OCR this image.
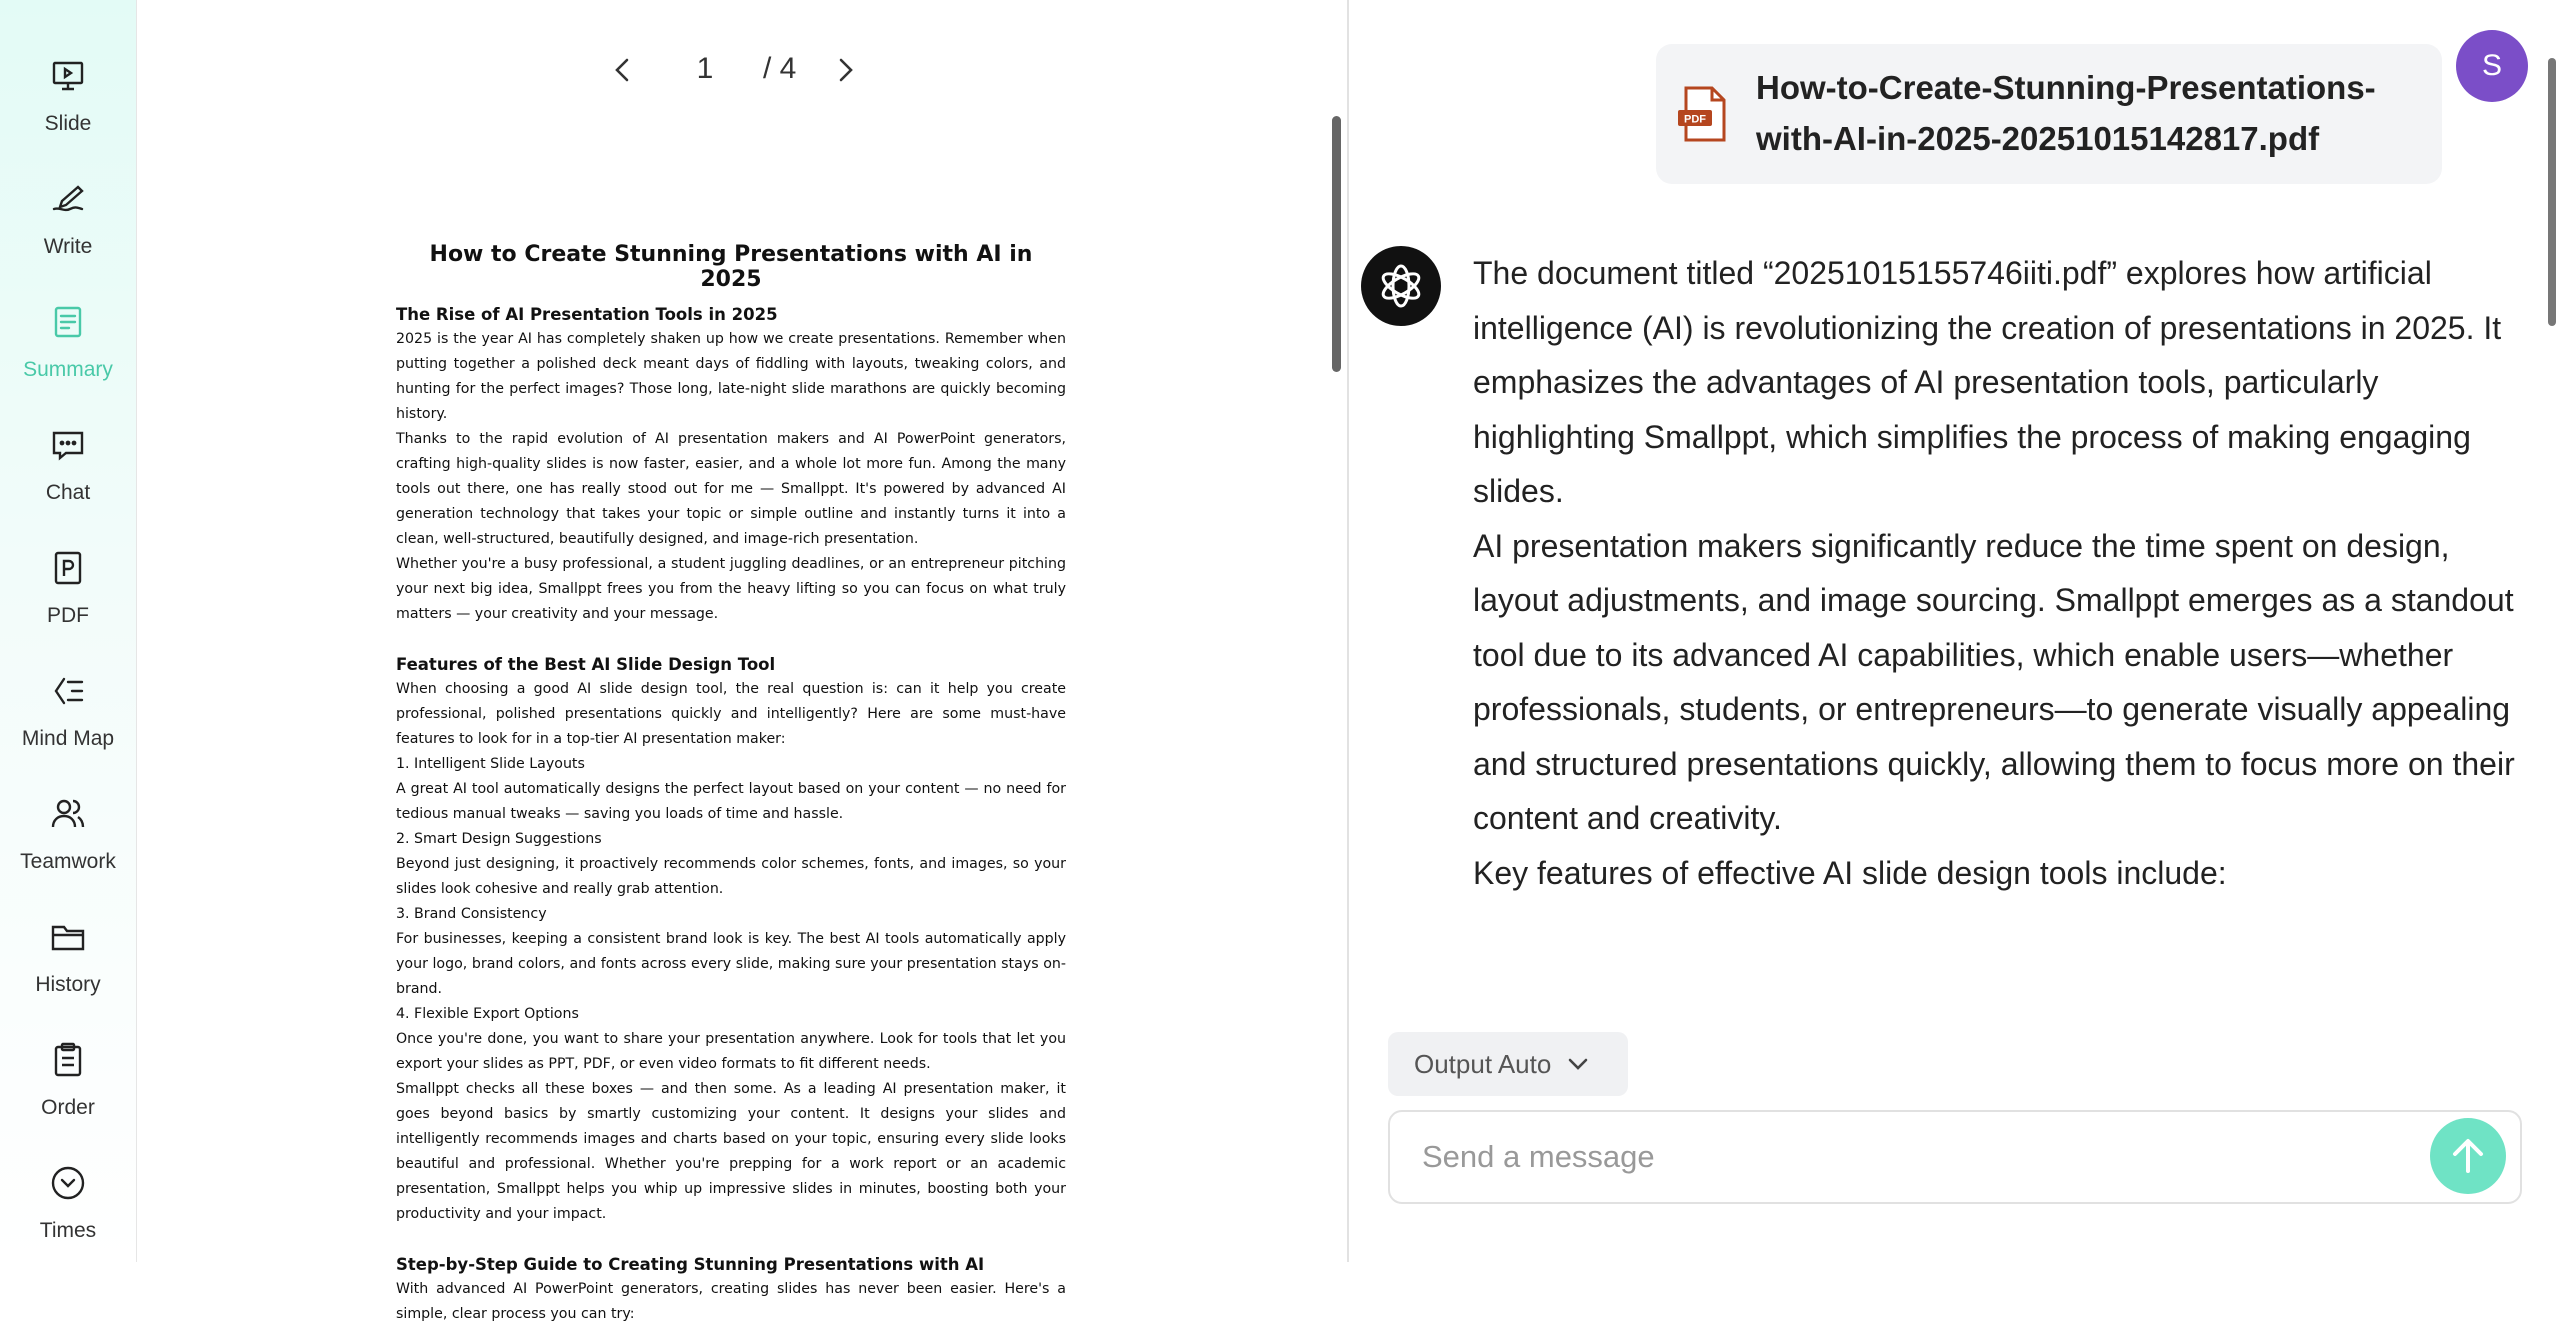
Slide
Write
Summary
Chat
PDF
Mind Map
Teamwork
History
Order
Times
1	/ 4
How to Create Stunning Presentations with AI in 2025

The Rise of AI Presentation Tools in 2025

2025 is the year AI has completely shaken up how we create presentations. Remember when putting together a polished deck meant days of fiddling with layouts, tweaking colors, and hunting for the perfect images? Those long, late-night slide marathons are quickly becoming history.

Thanks to the rapid evolution of AI presentation makers and AI PowerPoint generators, crafting high-quality slides is now faster, easier, and a whole lot more fun. Among the many tools out there, one has really stood out for me — Smallppt. It's powered by advanced AI generation technology that takes your topic or simple outline and instantly turns it into a clean, well-structured, beautifully designed, and image-rich presentation.

Whether you're a busy professional, a student juggling deadlines, or an entrepreneur pitching your next big idea, Smallppt frees you from the heavy lifting so you can focus on what truly matters — your creativity and your message.

Features of the Best AI Slide Design Tool

When choosing a good AI slide design tool, the real question is: can it help you create professional, polished presentations quickly and intelligently? Here are some must-have features to look for in a top-tier AI presentation maker:

1. Intelligent Slide Layouts

A great AI tool automatically designs the perfect layout based on your content — no need for tedious manual tweaks — saving you loads of time and hassle.

2. Smart Design Suggestions

Beyond just designing, it proactively recommends color schemes, fonts, and images, so your slides look cohesive and really grab attention.

3. Brand Consistency

For businesses, keeping a consistent brand look is key. The best AI tools automatically apply your logo, brand colors, and fonts across every slide, making sure your presentation stays on-brand.

4. Flexible Export Options

Once you're done, you want to share your presentation anywhere. Look for tools that let you export your slides as PPT, PDF, or even video formats to fit different needs.

Smallppt checks all these boxes — and then some. As a leading AI presentation maker, it goes beyond basics by smartly customizing your content. It designs your slides and intelligently recommends images and charts based on your topic, ensuring every slide looks beautiful and professional. Whether you're prepping for a work report or an academic presentation, Smallppt helps you whip up impressive slides in minutes, boosting both your productivity and your impact.

Step-by-Step Guide to Creating Stunning Presentations with AI

With advanced AI PowerPoint generators, creating slides has never been easier. Here's a simple, clear process you can try:

PDF
How-to-Create-Stunning-Presentations-with-AI-in-2025-20251015142817.pdf
S

The document titled “20251015155746iiti.pdf” explores how artificial intelligence (AI) is revolutionizing the creation of presentations in 2025. It emphasizes the advantages of AI presentation tools, particularly highlighting Smallppt, which simplifies the process of making engaging slides.

AI presentation makers significantly reduce the time spent on design, layout adjustments, and image sourcing. Smallppt emerges as a standout tool due to its advanced AI capabilities, which enable users—whether professionals, students, or entrepreneurs—to generate visually appealing and structured presentations quickly, allowing them to focus more on their content and creativity.

Key features of effective AI slide design tools include:

Output Auto
Send a message
